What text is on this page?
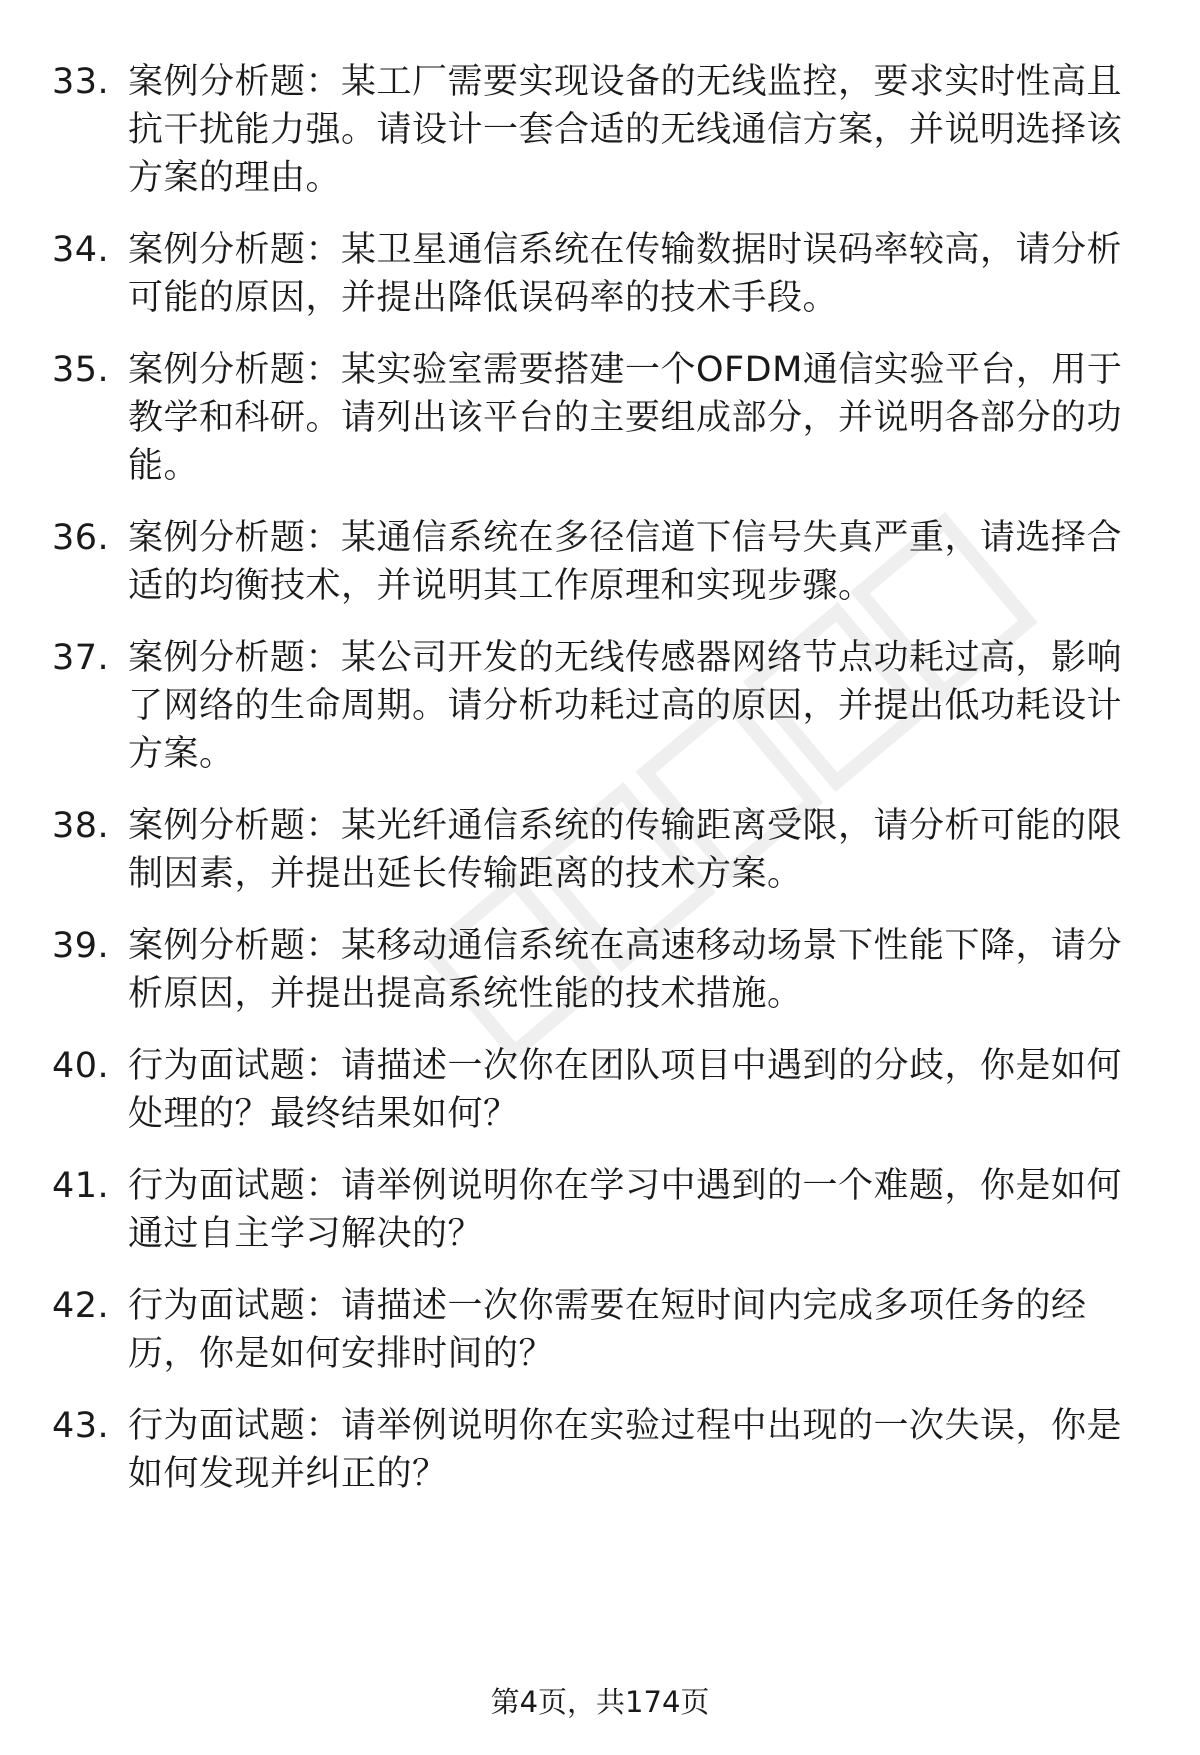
33. 案例分析题：某工厂需要实现设备的无线监控，要求实时性高且抗干扰能力强。请设计一套合适的无线通信方案，并说明选择该方案的理由。
34. 案例分析题：某卫星通信系统在传输数据时误码率较高，请分析可能的原因，并提出降低误码率的技术手段。
35. 案例分析题：某实验室需要搭建一个OFDM通信实验平台，用于教学和科研。请列出该平台的主要组成部分，并说明各部分的功能。
36. 案例分析题：某通信系统在多径信道下信号失真严重，请选择合适的均衡技术，并说明其工作原理和实现步骤。
37. 案例分析题：某公司开发的无线传感器网络节点功耗过高，影响了网络的生命周期。请分析功耗过高的原因，并提出低功耗设计方案。
38. 案例分析题：某光纤通信系统的传输距离受限，请分析可能的限制因素，并提出延长传输距离的技术方案。
39. 案例分析题：某移动通信系统在高速移动场景下性能下降，请分析原因，并提出提高系统性能的技术措施。
40. 行为面试题：请描述一次你在团队项目中遇到的分歧，你是如何处理的？最终结果如何？
41. 行为面试题：请举例说明你在学习中遇到的一个难题，你是如何通过自主学习解决的？
42. 行为面试题：请描述一次你需要在短时间内完成多项任务的经历，你是如何安排时间的？
43. 行为面试题：请举例说明你在实验过程中出现的一次失误，你是如何发现并纠正的？
第4页，共174页
